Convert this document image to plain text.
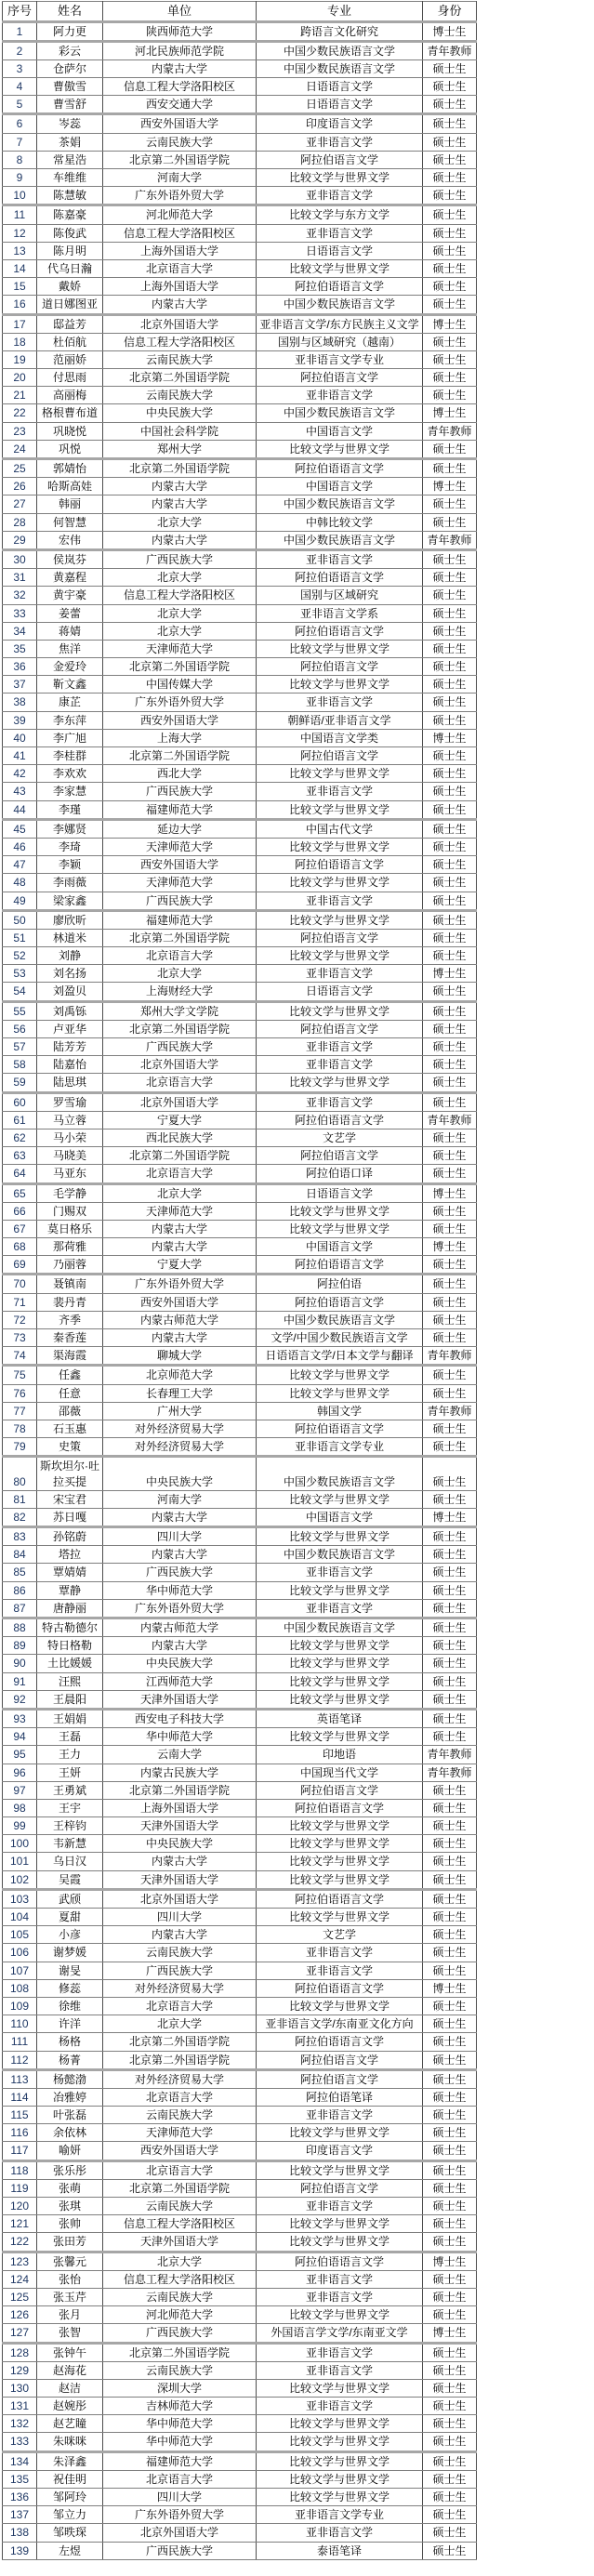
序号	姓名	单位	专业	身份
1	阿力更	陕西师范大学	跨语言文化研究	博士生
2	彩云	河北民族师范学院	中国少数民族语言文学	青年教师
3	仓萨尔	内蒙古大学	中国少数民族语言文学	硕士生
4	曹傲雪	信息工程大学洛阳校区	日语语言文学	硕士生
5	曹雪舒	西安交通大学	日语语言文学	硕士生
6	岑蕊	西安外国语大学	印度语言文学	硕士生
7	茶娟	云南民族大学	亚非语言文学	硕士生
8	常星浩	北京第二外国语学院	阿拉伯语言文学	硕士生
9	车维维	河南大学	比较文学与世界文学	硕士生
10	陈慧敏	广东外语外贸大学	亚非语言文学	硕士生
11	陈嘉豪	河北师范大学	比较文学与东方文学	硕士生
12	陈俊武	信息工程大学洛阳校区	亚非语言文学	硕士生
13	陈月明	上海外国语大学	日语语言文学	硕士生
14	代乌日瀚	北京语言大学	比较文学与世界文学	硕士生
15	戴娇	上海外国语大学	阿拉伯语语言文学	硕士生
16	道日娜图亚	内蒙古大学	中国少数民族语言文学	硕士生
17	邸益芳	北京外国语大学	亚非语言文学/东方民族主义文学	博士生
18	杜佰航	信息工程大学洛阳校区	国别与区域研究（越南）	硕士生
19	范丽娇	云南民族大学	亚非语言文学专业	硕士生
20	付思雨	北京第二外国语学院	阿拉伯语言文学	硕士生
21	高丽梅	云南民族大学	亚非语言文学	硕士生
22	格根曹布道	中央民族大学	中国少数民族语言文学	博士生
23	巩晓悦	中国社会科学院	中国语言文学	青年教师
24	巩悦	郑州大学	比较文学与世界文学	硕士生
25	郭婧怡	北京第二外国语学院	阿拉伯语语言文学	硕士生
26	哈斯高娃	内蒙古大学	中国语言文学	博士生
27	韩丽	内蒙古大学	中国少数民族语言文学	硕士生
28	何智慧	北京大学	中韩比较文学	硕士生
29	宏伟	内蒙古大学	中国少数民族语言文学	青年教师
30	侯岚芬	广西民族大学	亚非语言文学	硕士生
31	黄嘉程	北京大学	阿拉伯语语言文学	硕士生
32	黄宇豪	信息工程大学洛阳校区	国别与区域研究	硕士生
33	姜蕾	北京大学	亚非语言文学系	硕士生
34	蒋婧	北京大学	阿拉伯语语言文学	硕士生
35	焦洋	天津师范大学	比较文学与世界文学	硕士生
36	金爱玲	北京第二外国语学院	阿拉伯语言文学	硕士生
37	靳文鑫	中国传媒大学	比较文学与世界文学	硕士生
38	康芷	广东外语外贸大学	亚非语言文学	硕士生
39	李东萍	西安外国语大学	朝鲜语/亚非语言文学	硕士生
40	李广旭	上海大学	中国语言文学类	博士生
41	李桂群	北京第二外国语学院	阿拉伯语言文学	硕士生
42	李欢欢	西北大学	比较文学与世界文学	硕士生
43	李家慧	广西民族大学	亚非语言文学	硕士生
44	李瑾	福建师范大学	比较文学与世界文学	硕士生
45	李娜贤	延边大学	中国古代文学	硕士生
46	李琦	天津师范大学	比较文学与世界文学	硕士生
47	李颖	西安外国语大学	阿拉伯语语言文学	硕士生
48	李雨薇	天津师范大学	比较文学与世界文学	硕士生
49	梁家鑫	广西民族大学	亚非语言文学	硕士生
50	廖欣昕	福建师范大学	比较文学与世界文学	硕士生
51	林道米	北京第二外国语学院	阿拉伯语言文学	硕士生
52	刘静	北京语言大学	比较文学与世界文学	硕士生
53	刘名扬	北京大学	亚非语言文学	博士生
54	刘盈贝	上海财经大学	日语语言文学	硕士生
55	刘禹铄	郑州大学文学院	比较文学与世界文学	硕士生
56	卢亚华	北京第二外国语学院	阿拉伯语言文学	硕士生
57	陆芳芳	广西民族大学	亚非语言文学	硕士生
58	陆嘉怡	北京外国语大学	亚非语言文学	硕士生
59	陆思琪	北京语言大学	比较文学与世界文学	硕士生
60	罗雪瑜	北京外国语大学	亚非语言文学	硕士生
61	马立蓉	宁夏大学	阿拉伯语语言文学	青年教师
62	马小荣	西北民族大学	文艺学	硕士生
63	马晓美	北京第二外国语学院	阿拉伯语言文学	硕士生
64	马亚东	北京语言大学	阿拉伯语口译	硕士生
65	毛学静	北京大学	日语语言文学	博士生
66	门赐双	天津师范大学	比较文学与世界文学	硕士生
67	莫日格乐	内蒙古大学	比较文学与世界文学	硕士生
68	那荷雅	内蒙古大学	中国语言文学	博士生
69	乃丽蓉	宁夏大学	阿拉伯语语言文学	硕士生
70	聂镇南	广东外语外贸大学	阿拉伯语	硕士生
71	裴丹青	西安外国语大学	阿拉伯语语言文学	硕士生
72	齐季	内蒙古师范大学	中国少数民族语言文学	硕士生
73	秦香莲	内蒙古大学	文学/中国少数民族语言文学	硕士生
74	渠海霞	聊城大学	日语语言文学/日本文学与翻译	青年教师
75	任鑫	北京师范大学	比较文学与世界文学	硕士生
76	任意	长春理工大学	比较文学与世界文学	硕士生
77	邵薇	广州大学	韩国文学	青年教师
78	石玉惠	对外经济贸易大学	阿拉伯语语言文学	硕士生
79	史策	对外经济贸易大学	亚非语言文学专业	硕士生
80	斯坎坦尔·吐拉买提	中央民族大学	中国少数民族语言文学	硕士生
81	宋宝君	河南大学	比较文学与世界文学	硕士生
82	苏日嘎	内蒙古大学	中国语言文学	博士生
83	孙铭蔚	四川大学	比较文学与世界文学	硕士生
84	塔拉	内蒙古大学	中国少数民族语言文学	硕士生
85	覃婧婧	广西民族大学	亚非语言文学	硕士生
86	覃静	华中师范大学	比较文学与世界文学	硕士生
87	唐静丽	广东外语外贸大学	亚非语言文学	硕士生
88	特古勒德尔	内蒙古师范大学	中国少数民族语言文学	硕士生
89	特日格勒	内蒙古大学	比较文学与世界文学	硕士生
90	土比媛媛	中央民族大学	比较文学与世界文学	硕士生
91	汪熙	江西师范大学	比较文学与世界文学	硕士生
92	王晨阳	天津外国语大学	比较文学与世界文学	硕士生
93	王娟娟	西安电子科技大学	英语笔译	硕士生
94	王磊	华中师范大学	比较文学与世界文学	硕士生
95	王力	云南大学	印地语	青年教师
96	王妍	内蒙古民族大学	中国现当代文学	青年教师
97	王勇斌	北京第二外国语学院	阿拉伯语言文学	硕士生
98	王宇	上海外国语大学	阿拉伯语语言文学	硕士生
99	王梓钧	天津外国语大学	比较文学与世界文学	硕士生
100	韦新慧	中央民族大学	比较文学与世界文学	硕士生
101	乌日汉	内蒙古大学	比较文学与世界文学	硕士生
102	吴霞	天津外国语大学	比较文学与世界文学	硕士生
103	武颀	北京外国语大学	阿拉伯语语言文学	硕士生
104	夏甜	四川大学	比较文学与世界文学	硕士生
105	小彦	内蒙古大学	文艺学	硕士生
106	谢梦媛	云南民族大学	亚非语言文学	硕士生
107	谢旻	广西民族大学	亚非语言文学	硕士生
108	修蕊	对外经济贸易大学	阿拉伯语语言文学	博士生
109	徐维	北京语言大学	比较文学与世界文学	硕士生
110	许洋	北京大学	亚非语言文学/东南亚文化方向	硕士生
111	杨格	北京第二外国语学院	阿拉伯语语言文学	硕士生
112	杨菁	北京第二外国语学院	阿拉伯语言文学	硕士生
113	杨懿渤	对外经济贸易大学	阿拉伯语言文学	硕士生
114	冶雅婷	北京语言大学	阿拉伯语笔译	硕士生
115	叶张磊	云南民族大学	亚非语言文学	硕士生
116	余依林	天津师范大学	比较文学与世界文学	硕士生
117	喻妍	西安外国语大学	印度语言文学	硕士生
118	张乐彤	北京语言大学	比较文学与世界文学	硕士生
119	张萌	北京第二外国语学院	阿拉伯语言文学	硕士生
120	张琪	云南民族大学	亚非语言文学	硕士生
121	张帅	信息工程大学洛阳校区	比较文学与世界文学	硕士生
122	张田芳	天津外国语大学	比较文学与世界文学	硕士生
123	张馨元	北京大学	阿拉伯语语言文学	博士生
124	张怡	信息工程大学洛阳校区	亚非语言文学	硕士生
125	张玉芹	云南民族大学	亚非语言文学	硕士生
126	张月	河北师范大学	比较文学与世界文学	硕士生
127	张智	广西民族大学	外国语言学文学/东南亚文学	博士生
128	张钟午	北京第二外国语学院	亚非语言文学	硕士生
129	赵海花	云南民族大学	亚非语言文学	硕士生
130	赵洁	深圳大学	比较文学与世界文学	硕士生
131	赵婉彤	吉林师范大学	亚非语言文学	硕士生
132	赵艺瞳	华中师范大学	比较文学与世界文学	硕士生
133	朱咪咪	华中师范大学	比较文学与世界文学	硕士生
134	朱泽鑫	福建师范大学	比较文学与世界文学	硕士生
135	祝佳明	北京语言大学	比较文学与世界文学	硕士生
136	邹阿玲	四川大学	比较文学与世界文学	硕士生
137	邹立力	广东外语外贸大学	亚非语言文学专业	硕士生
138	邹昳琛	北京外国语大学	亚非语言文学	硕士生
139	左煜	广西民族大学	泰语笔译	硕士生
